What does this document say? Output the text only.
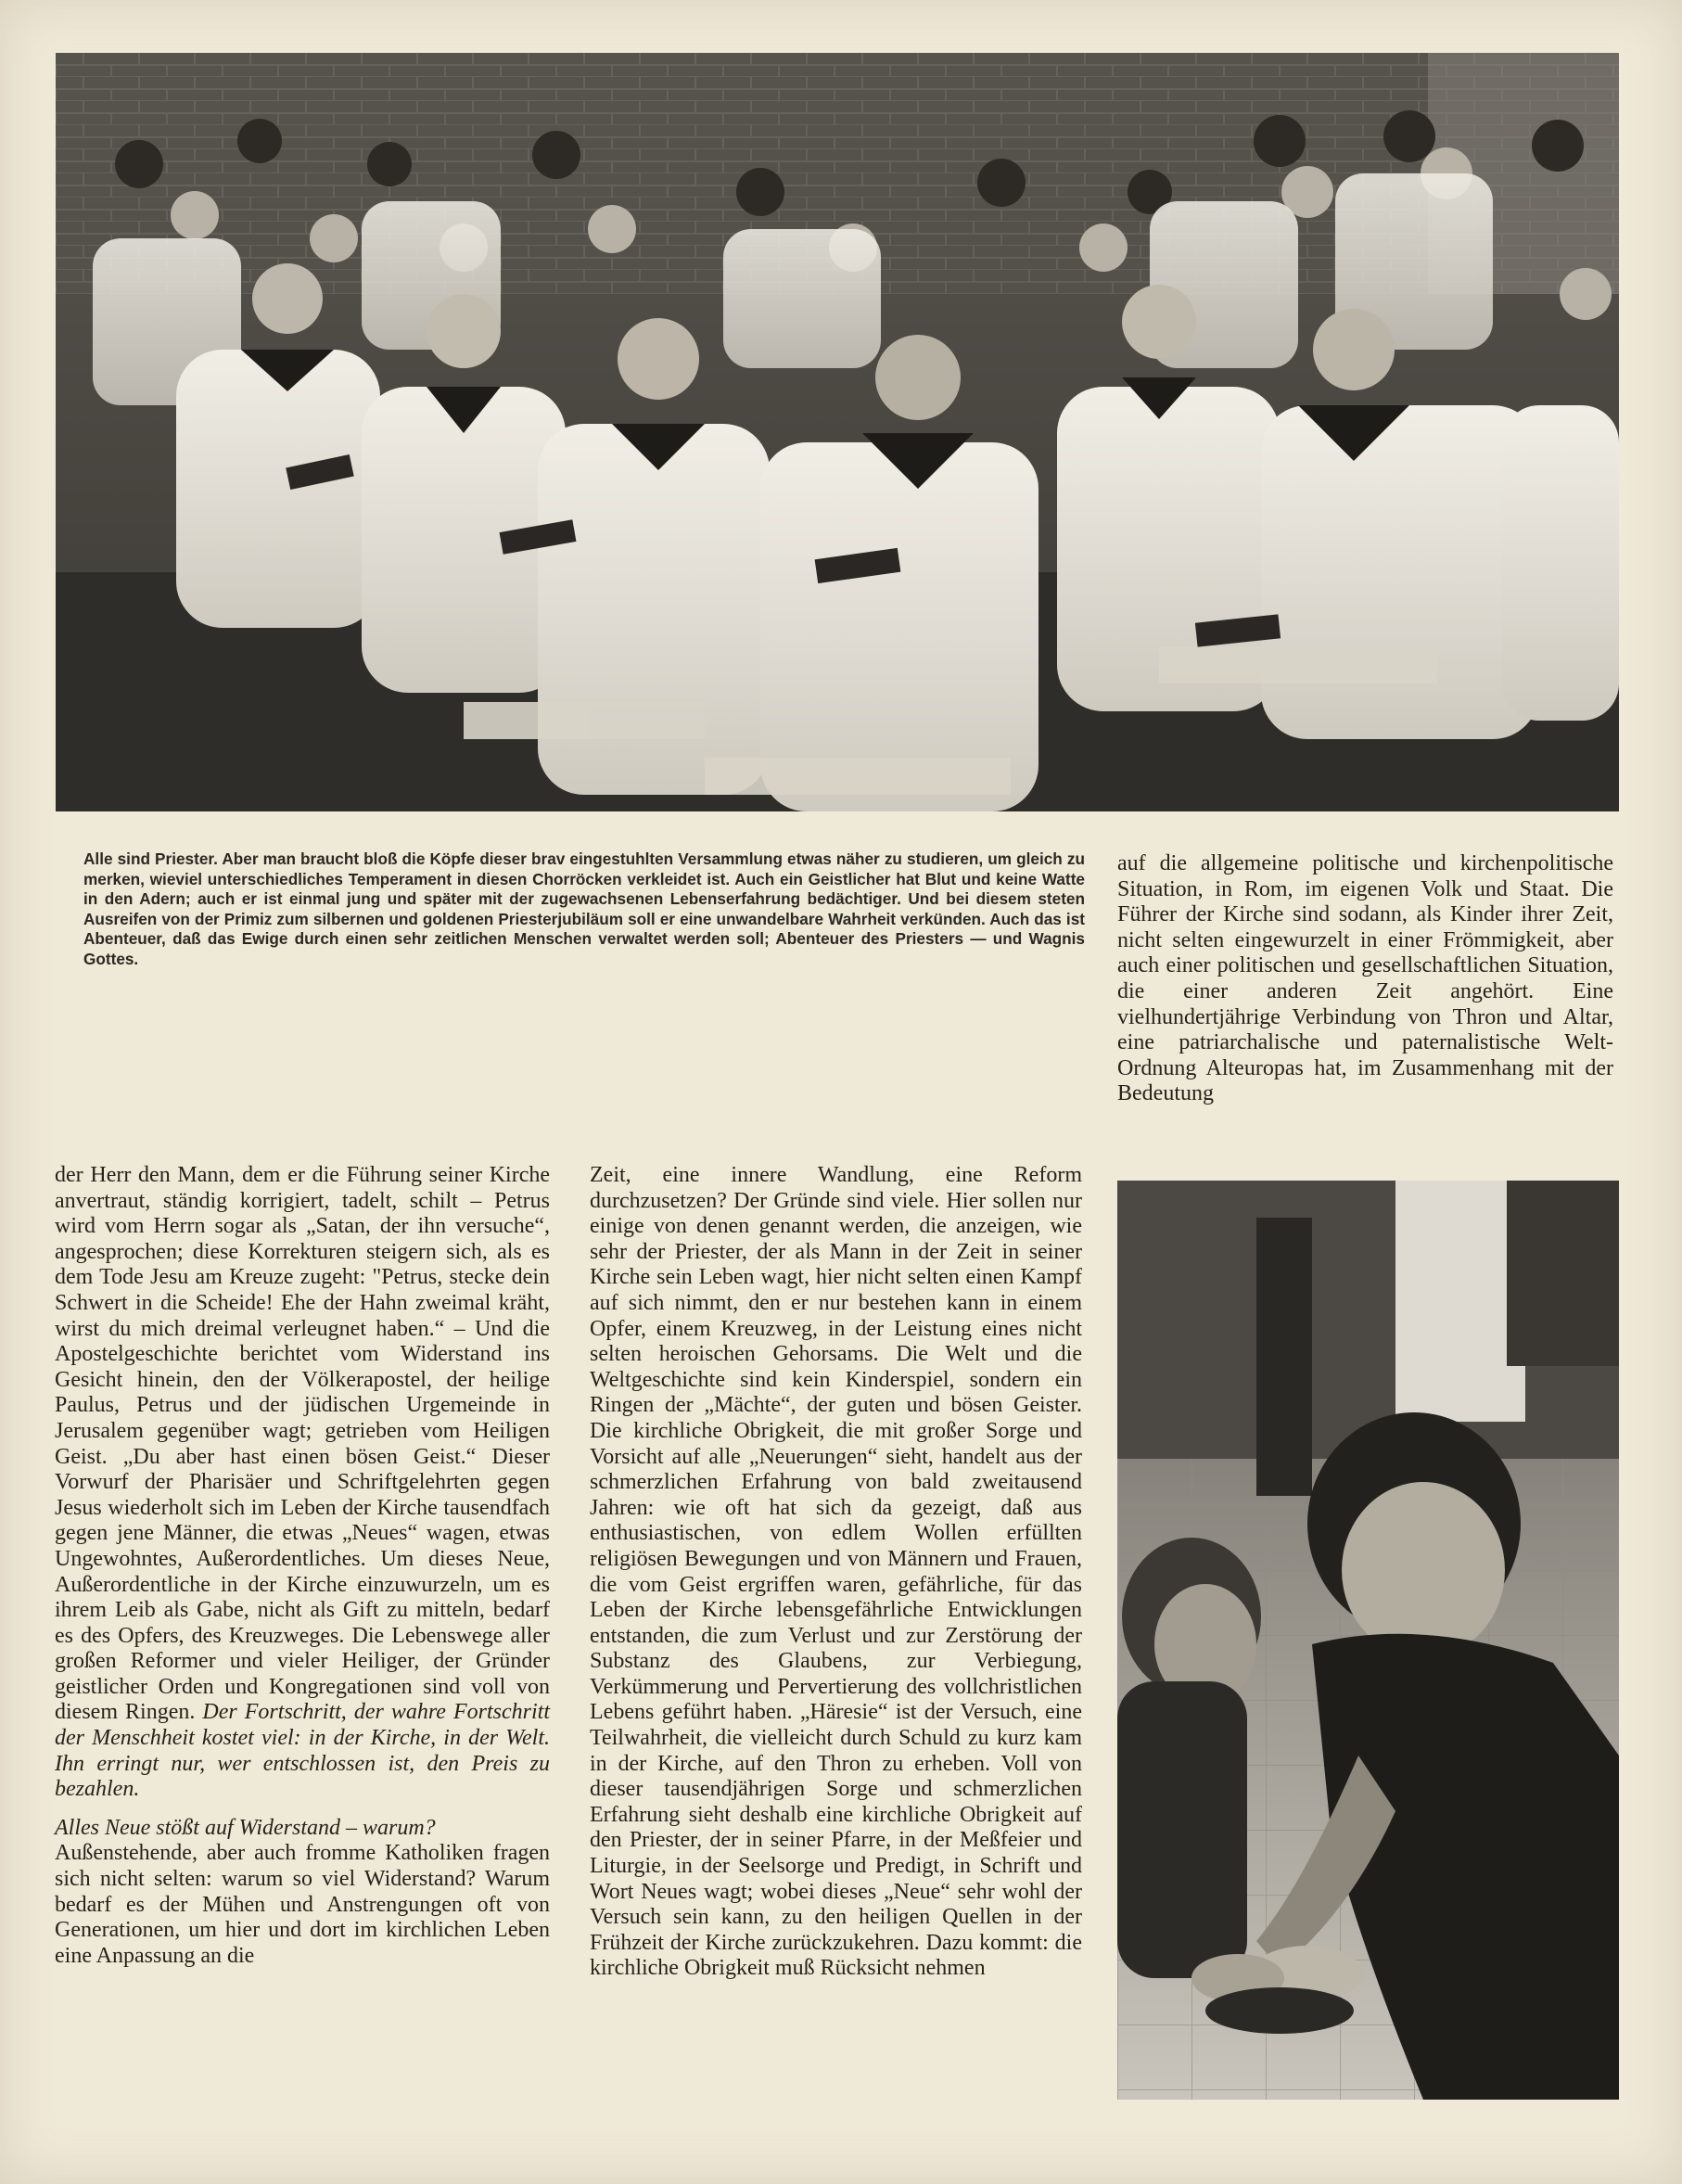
Alle sind Priester. Aber man braucht bloß die Köpfe dieser brav eingestuhlten Versammlung etwas näher zu studieren, um gleich zu merken, wieviel unterschiedliches Temperament in diesen Chorröcken verkleidet ist. Auch ein Geistlicher hat Blut und keine Watte in den Adern; auch er ist einmal jung und später mit der zugewachsenen Lebenserfahrung bedächtiger. Und bei diesem steten Ausreifen von der Primiz zum silbernen und goldenen Priesterjubiläum soll er eine unwandelbare Wahrheit verkünden. Auch das ist Abenteuer, daß das Ewige durch einen sehr zeitlichen Menschen verwaltet werden soll; Abenteuer des Priesters — und Wagnis Gottes.

auf die allgemeine politische und kirchenpolitische Situation, in Rom, im eigenen Volk und Staat. Die Führer der Kirche sind sodann, als Kinder ihrer Zeit, nicht selten eingewurzelt in einer Frömmigkeit, aber auch einer politischen und gesellschaftlichen Situation, die einer anderen Zeit angehört. Eine vielhundertjährige Verbindung von Thron und Altar, eine patriarchalische und paternalistische Welt-Ordnung Alteuropas hat, im Zusammenhang mit der Bedeutung

der Herr den Mann, dem er die Führung seiner Kirche anvertraut, ständig korrigiert, tadelt, schilt – Petrus wird vom Herrn sogar als „Satan, der ihn versuche“, angesprochen; diese Korrekturen steigern sich, als es dem Tode Jesu am Kreuze zugeht: "Petrus, stecke dein Schwert in die Scheide! Ehe der Hahn zweimal kräht, wirst du mich dreimal verleugnet haben.“ – Und die Apostelgeschichte berichtet vom Widerstand ins Gesicht hinein, den der Völkerapostel, der heilige Paulus, Petrus und der jüdischen Urgemeinde in Jerusalem gegenüber wagt; getrieben vom Heiligen Geist. „Du aber hast einen bösen Geist.“ Dieser Vorwurf der Pharisäer und Schriftgelehrten gegen Jesus wiederholt sich im Leben der Kirche tausendfach gegen jene Männer, die etwas „Neues“ wagen, etwas Ungewohntes, Außerordentliches. Um dieses Neue, Außerordentliche in der Kirche einzuwurzeln, um es ihrem Leib als Gabe, nicht als Gift zu mitteln, bedarf es des Opfers, des Kreuzweges. Die Lebenswege aller großen Reformer und vieler Heiliger, der Gründer geistlicher Orden und Kongregationen sind voll von diesem Ringen. Der Fortschritt, der wahre Fortschritt der Menschheit kostet viel: in der Kirche, in der Welt. Ihn erringt nur, wer entschlossen ist, den Preis zu bezahlen.

Alles Neue stößt auf Widerstand – warum?

Außenstehende, aber auch fromme Katholiken fragen sich nicht selten: warum so viel Widerstand? Warum bedarf es der Mühen und Anstrengungen oft von Generationen, um hier und dort im kirchlichen Leben eine Anpassung an die

Zeit, eine innere Wandlung, eine Reform durchzusetzen? Der Gründe sind viele. Hier sollen nur einige von denen genannt werden, die anzeigen, wie sehr der Priester, der als Mann in der Zeit in seiner Kirche sein Leben wagt, hier nicht selten einen Kampf auf sich nimmt, den er nur bestehen kann in einem Opfer, einem Kreuzweg, in der Leistung eines nicht selten heroischen Gehorsams. Die Welt und die Weltgeschichte sind kein Kinderspiel, sondern ein Ringen der „Mächte“, der guten und bösen Geister. Die kirchliche Obrigkeit, die mit großer Sorge und Vorsicht auf alle „Neuerungen“ sieht, handelt aus der schmerzlichen Erfahrung von bald zweitausend Jahren: wie oft hat sich da gezeigt, daß aus enthusiastischen, von edlem Wollen erfüllten religiösen Bewegungen und von Männern und Frauen, die vom Geist ergriffen waren, gefährliche, für das Leben der Kirche lebensgefährliche Entwicklungen entstanden, die zum Verlust und zur Zerstörung der Substanz des Glaubens, zur Verbiegung, Verkümmerung und Pervertierung des vollchristlichen Lebens geführt haben. „Häresie“ ist der Versuch, eine Teilwahrheit, die vielleicht durch Schuld zu kurz kam in der Kirche, auf den Thron zu erheben. Voll von dieser tausendjährigen Sorge und schmerzlichen Erfahrung sieht deshalb eine kirchliche Obrigkeit auf den Priester, der in seiner Pfarre, in der Meßfeier und Liturgie, in der Seelsorge und Predigt, in Schrift und Wort Neues wagt; wobei dieses „Neue“ sehr wohl der Versuch sein kann, zu den heiligen Quellen in der Frühzeit der Kirche zurückzukehren. Dazu kommt: die kirchliche Obrigkeit muß Rücksicht nehmen
